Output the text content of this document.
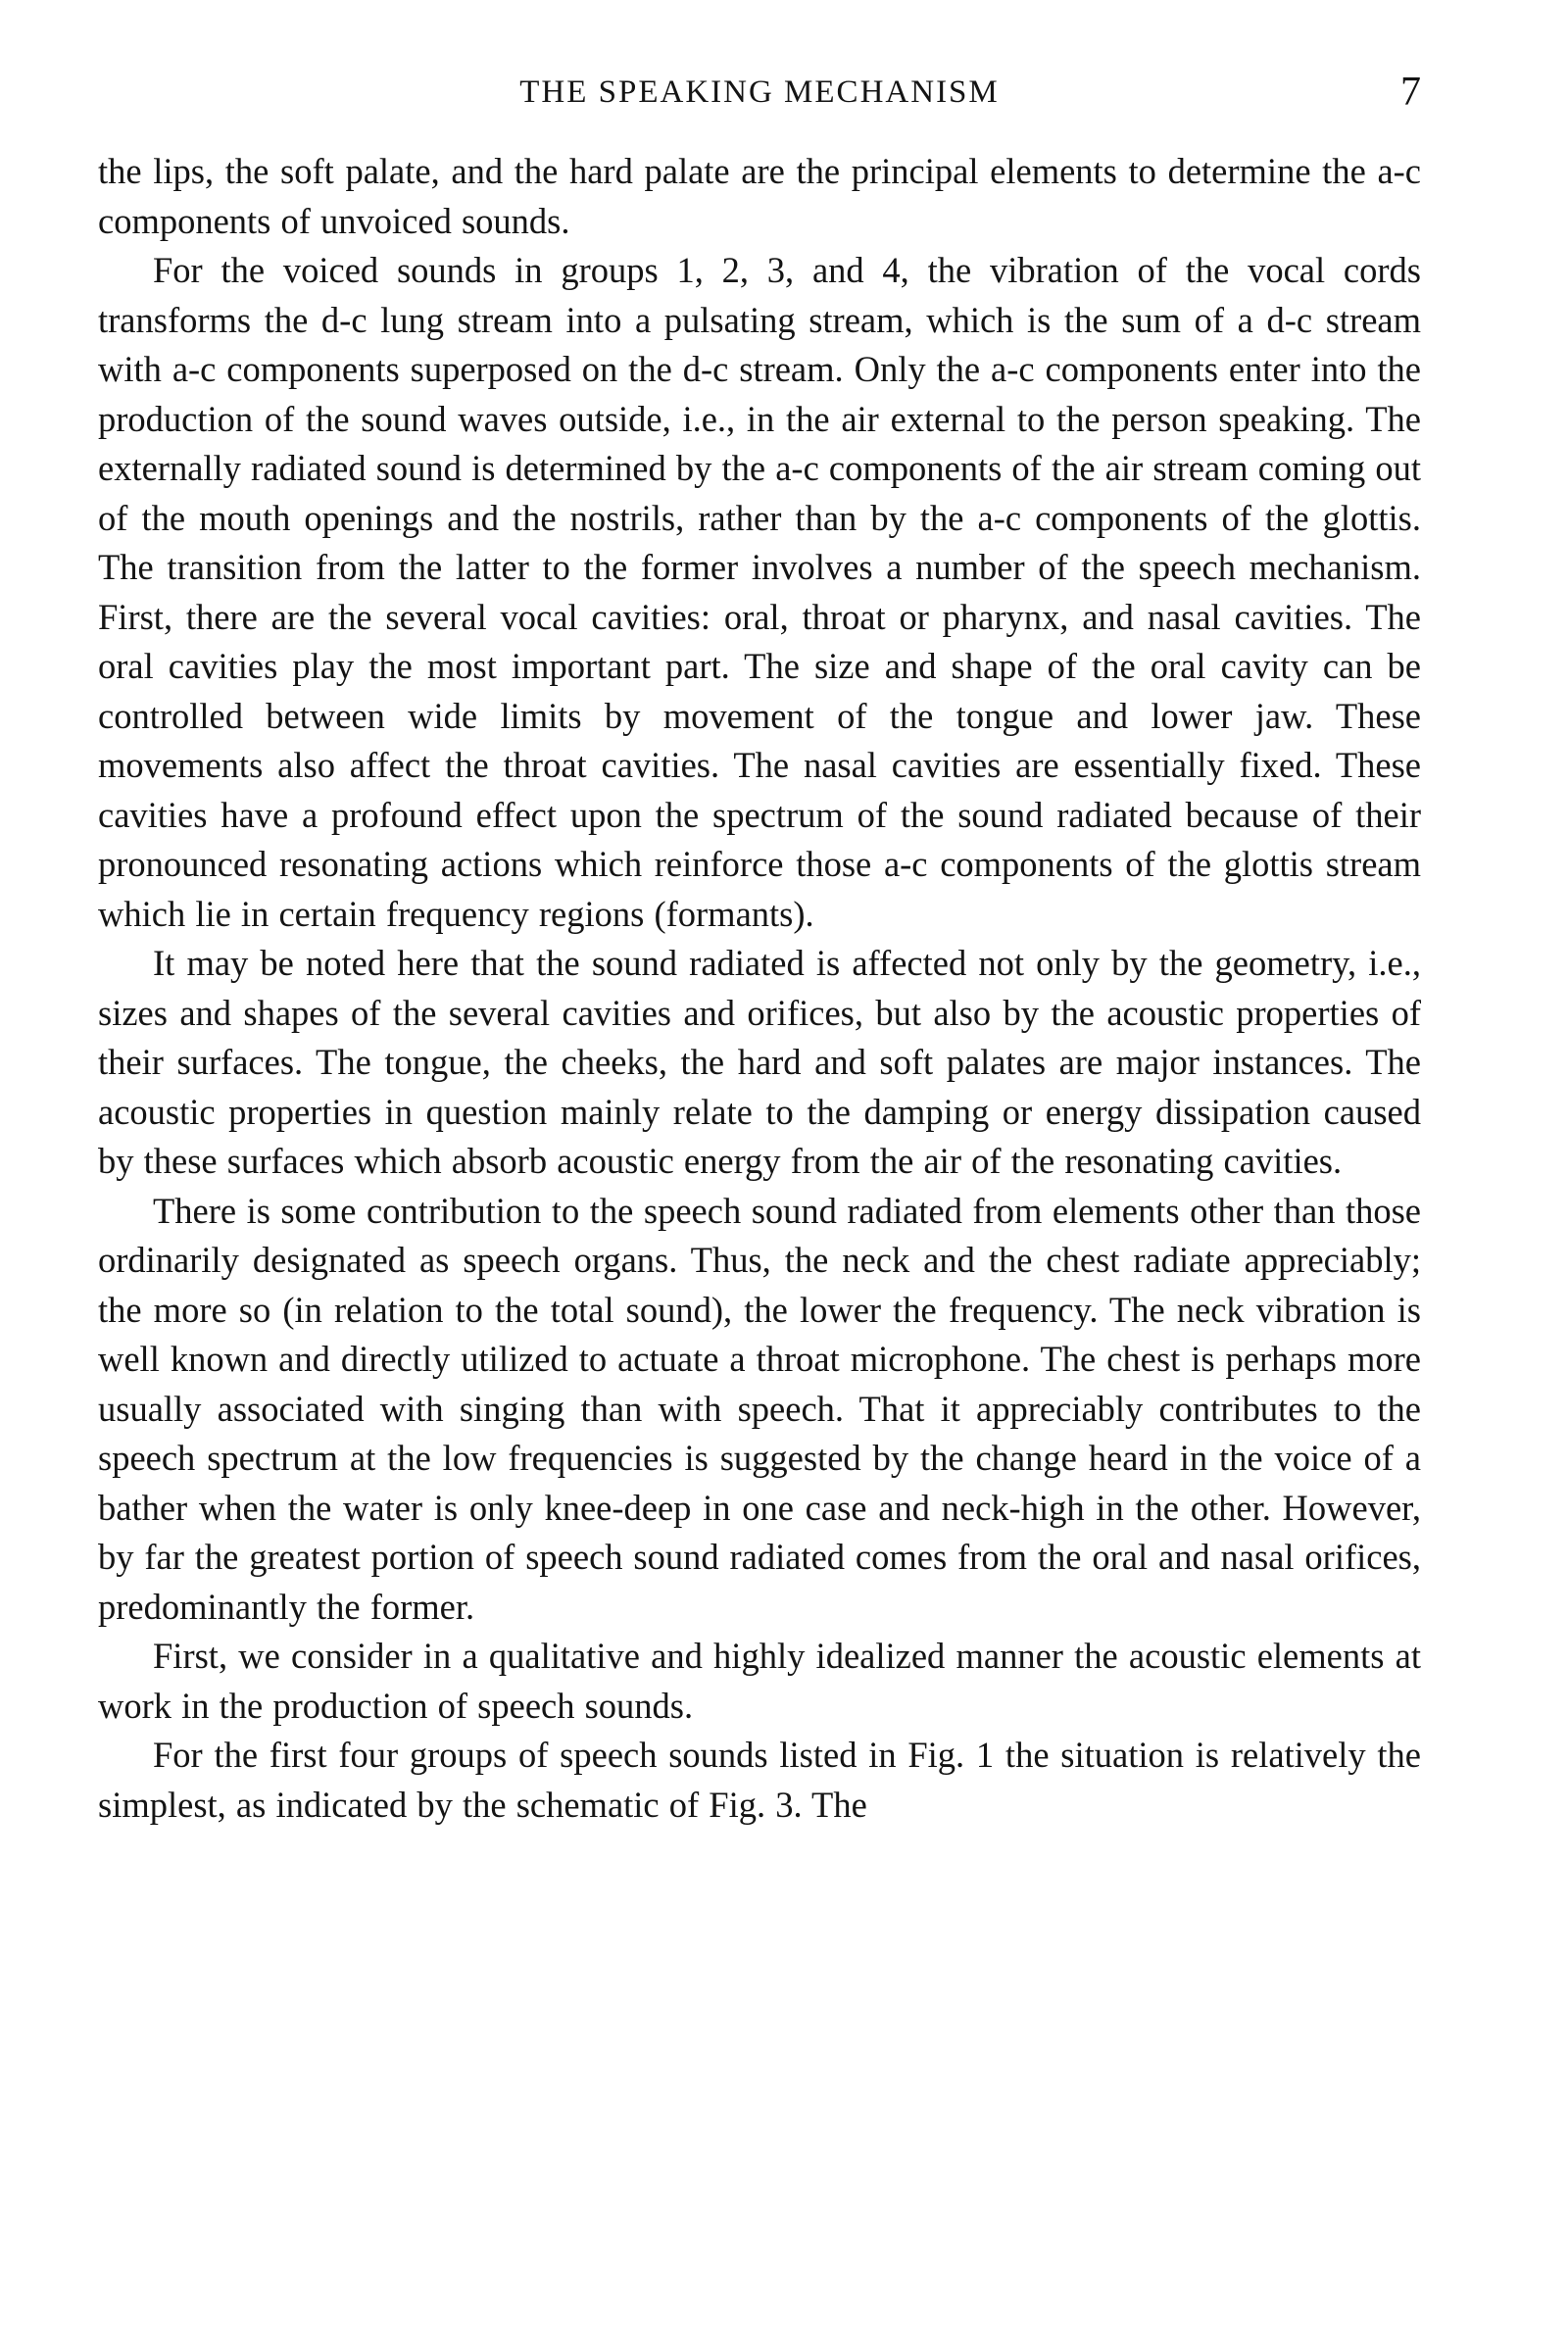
THE SPEAKING MECHANISM	7

the lips, the soft palate, and the hard palate are the principal elements to determine the a-c components of unvoiced sounds.

For the voiced sounds in groups 1, 2, 3, and 4, the vibration of the vocal cords transforms the d-c lung stream into a pulsating stream, which is the sum of a d-c stream with a-c components superposed on the d-c stream. Only the a-c components enter into the production of the sound waves outside, i.e., in the air external to the person speaking. The externally radiated sound is determined by the a-c components of the air stream coming out of the mouth openings and the nostrils, rather than by the a-c components of the glottis. The transition from the latter to the former involves a number of the speech mechanism. First, there are the several vocal cavities: oral, throat or pharynx, and nasal cavities. The oral cavities play the most important part. The size and shape of the oral cavity can be controlled between wide limits by movement of the tongue and lower jaw. These movements also affect the throat cavities. The nasal cavities are essentially fixed. These cavities have a profound effect upon the spectrum of the sound radiated because of their pronounced resonating actions which reinforce those a-c components of the glottis stream which lie in certain frequency regions (formants).

It may be noted here that the sound radiated is affected not only by the geometry, i.e., sizes and shapes of the several cavities and orifices, but also by the acoustic properties of their surfaces. The tongue, the cheeks, the hard and soft palates are major instances. The acoustic properties in question mainly relate to the damping or energy dissipation caused by these surfaces which absorb acoustic energy from the air of the resonating cavities.

There is some contribution to the speech sound radiated from elements other than those ordinarily designated as speech organs. Thus, the neck and the chest radiate appreciably; the more so (in relation to the total sound), the lower the frequency. The neck vibration is well known and directly utilized to actuate a throat microphone. The chest is perhaps more usually associated with singing than with speech. That it appreciably contributes to the speech spectrum at the low frequencies is suggested by the change heard in the voice of a bather when the water is only knee-deep in one case and neck-high in the other. However, by far the greatest portion of speech sound radiated comes from the oral and nasal orifices, predominantly the former.

First, we consider in a qualitative and highly idealized manner the acoustic elements at work in the production of speech sounds.

For the first four groups of speech sounds listed in Fig. 1 the situation is relatively the simplest, as indicated by the schematic of Fig. 3. The
